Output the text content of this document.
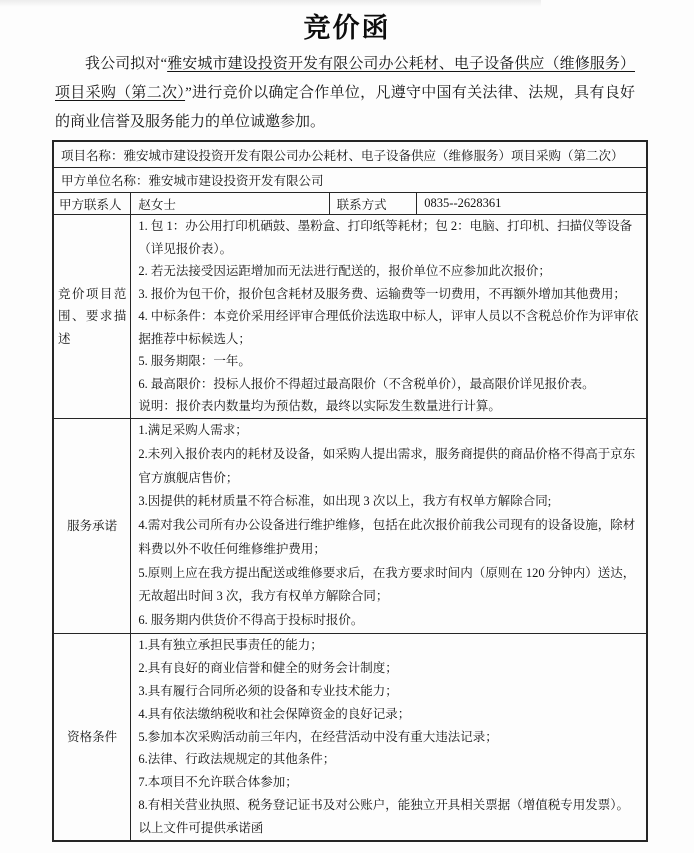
竞价函

我公司拟对“雅安城市建设投资开发有限公司办公耗材、电子设备供应（维修服务）项目采购（第二次）”进行竞价以确定合作单位，凡遵守中国有关法律、法规，具有良好的商业信誉及服务能力的单位诚邀参加。

项目名称： 雅安城市建设投资开发有限公司办公耗材、电子设备供应（维修服务）项目采购（第二次）
甲方单位名称： 雅安城市建设投资开发有限公司
甲方联系人	赵女士	联系方式	0835--2628361
竞价项目范围、要求描述
1. 包 1：办公用打印机硒鼓、墨粉盒、打印纸等耗材；包 2：电脑、打印机、扫描仪等设备（详见报价表）。
2. 若无法接受因运距增加而无法进行配送的，报价单位不应参加此次报价；
3. 报价为包干价，报价包含耗材及服务费、运输费等一切费用，不再额外增加其他费用；
4. 中标条件：本竞价采用经评审合理低价法选取中标人，评审人员以不含税总价作为评审依据推荐中标候选人；
5. 服务期限：一年。
6. 最高限价：投标人报价不得超过最高限价（不含税单价），最高限价详见报价表。
说明：报价表内数量均为预估数，最终以实际发生数量进行计算。
服务承诺
1.满足采购人需求；
2.未列入报价表内的耗材及设备，如采购人提出需求，服务商提供的商品价格不得高于京东官方旗舰店售价；
3.因提供的耗材质量不符合标准，如出现 3 次以上，我方有权单方解除合同;
4.需对我公司所有办公设备进行维护维修，包括在此次报价前我公司现有的设备设施，除材料费以外不收任何维修维护费用；
5.原则上应在我方提出配送或维修要求后，在我方要求时间内（原则在 120 分钟内）送达，无故超出时间 3 次，我方有权单方解除合同；
6. 服务期内供货价不得高于投标时报价。
资格条件
1.具有独立承担民事责任的能力；
2.具有良好的商业信誉和健全的财务会计制度；
3.具有履行合同所必须的设备和专业技术能力；
4.具有依法缴纳税收和社会保障资金的良好记录；
5.参加本次采购活动前三年内，在经营活动中没有重大违法记录；
6.法律、行政法规规定的其他条件；
7.本项目不允许联合体参加；
8.有相关营业执照、税务登记证书及对公账户，能独立开具相关票据（增值税专用发票）。
以上文件可提供承诺函
